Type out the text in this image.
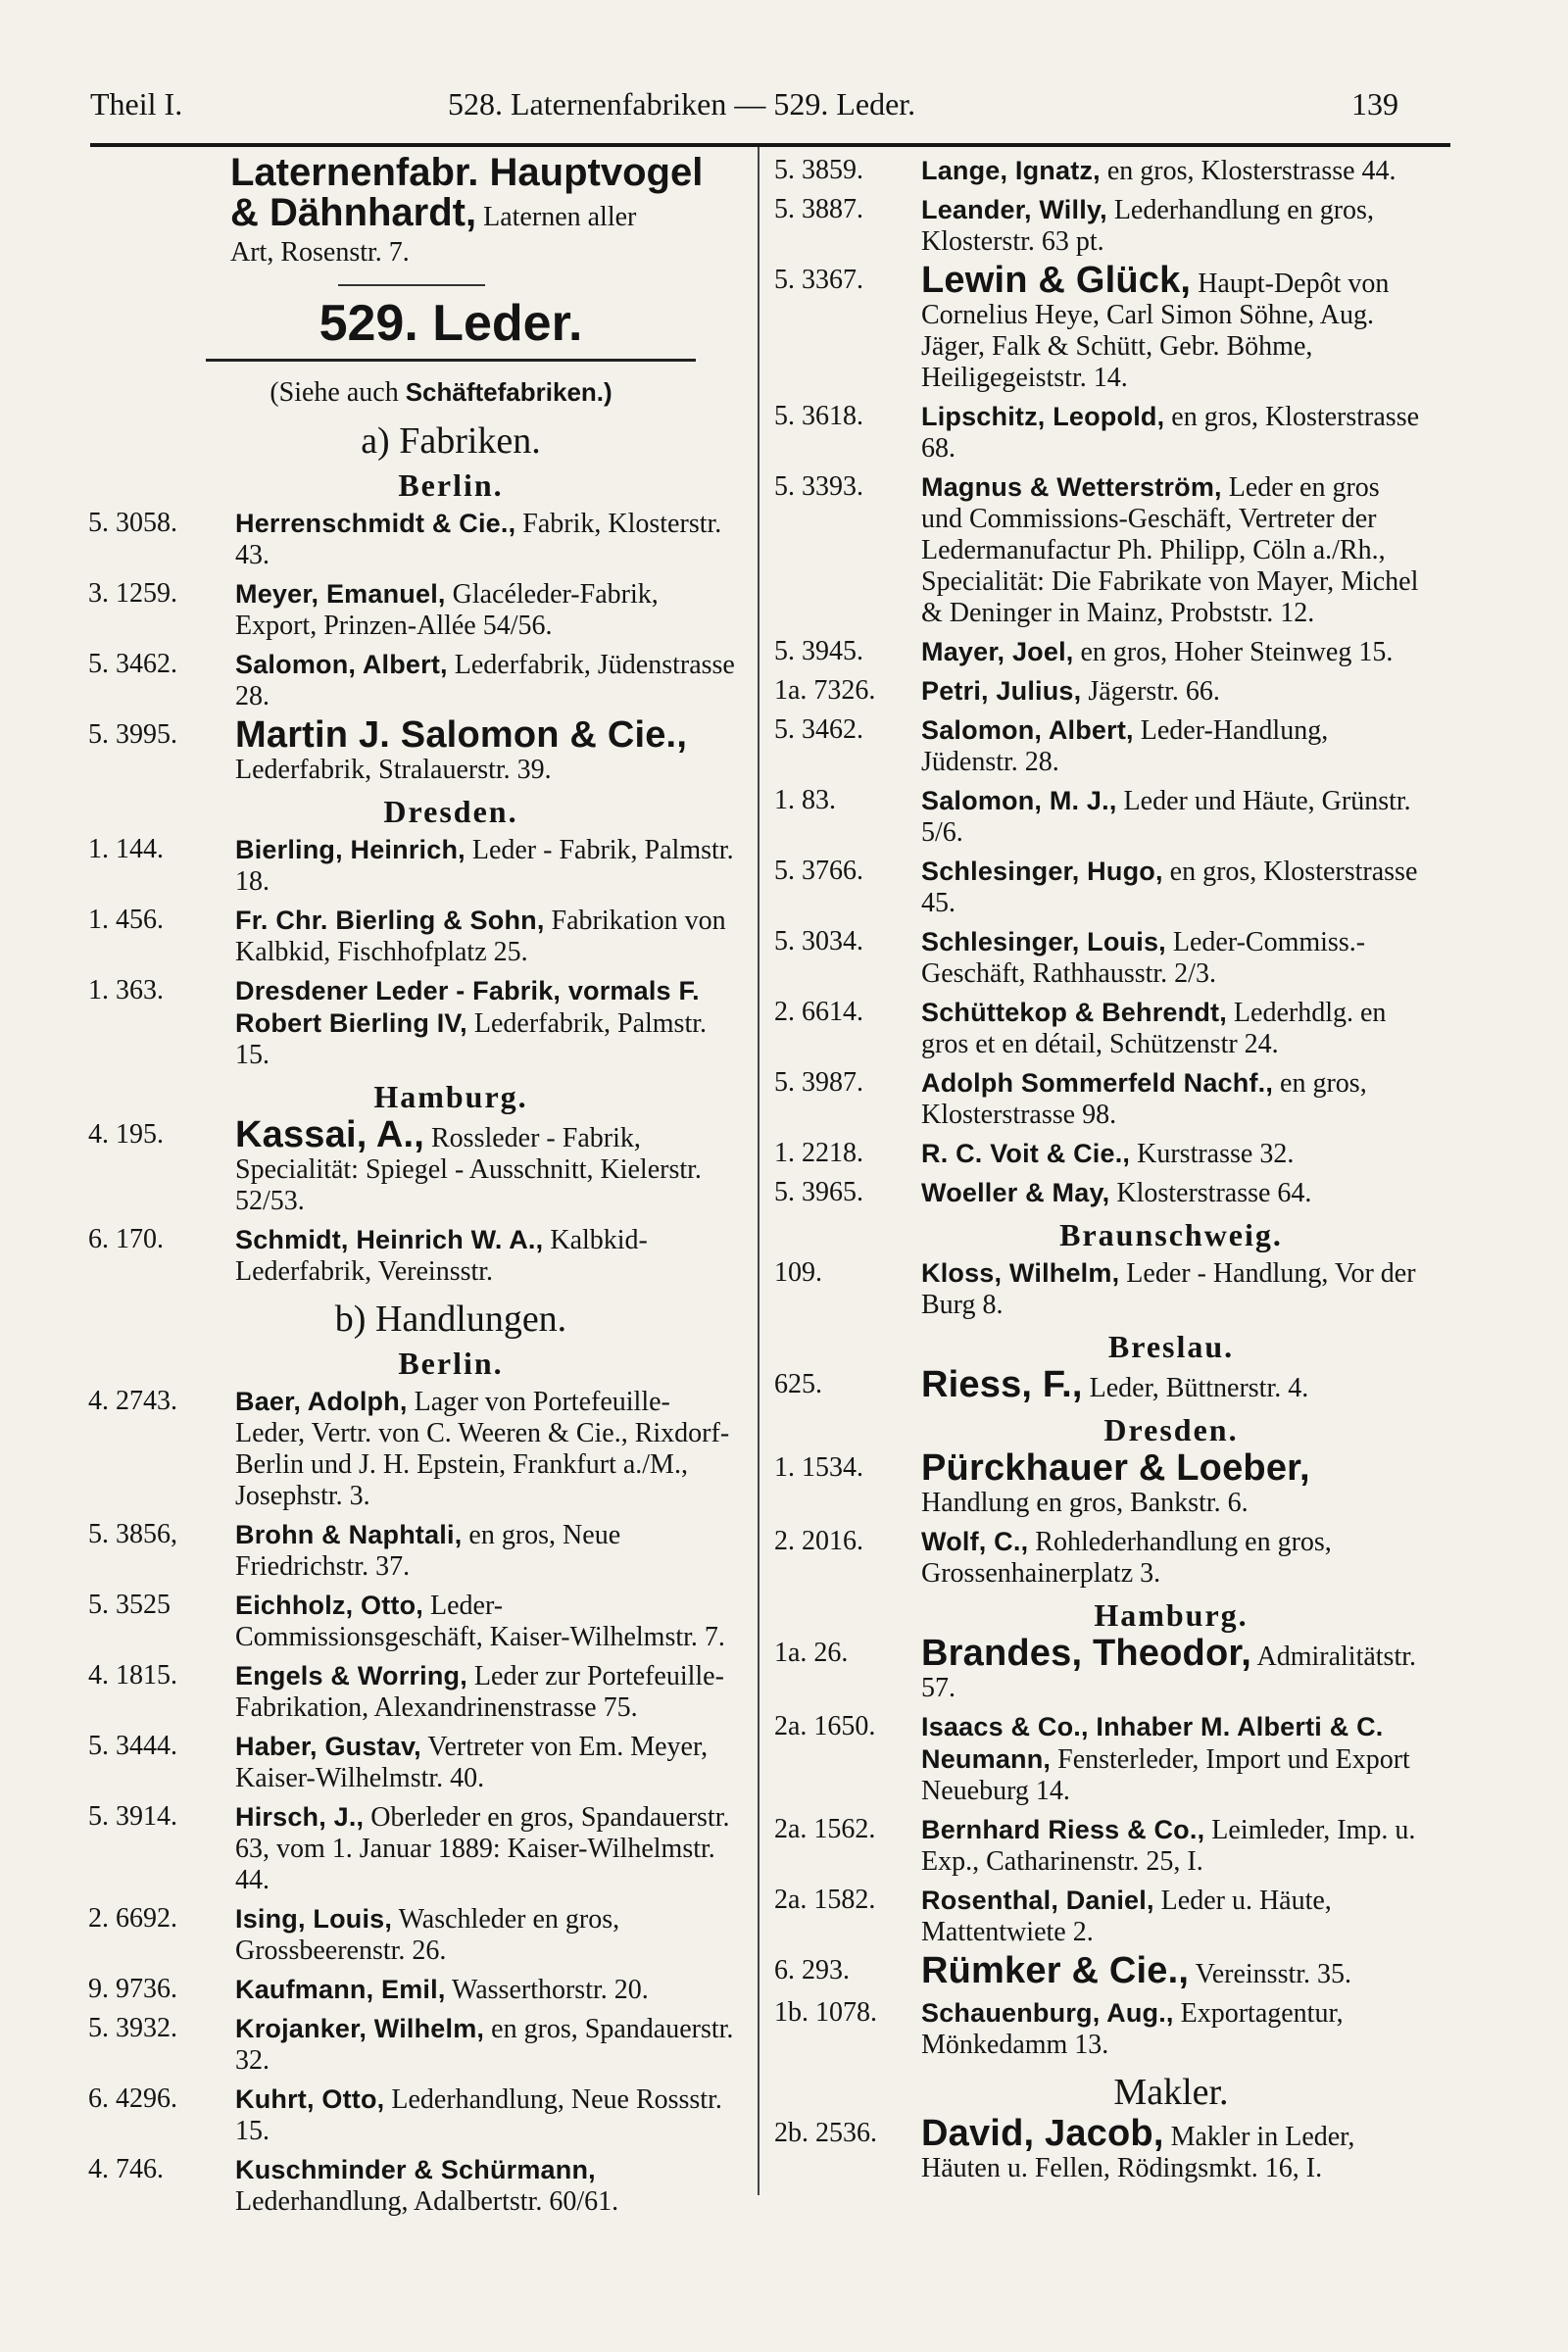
Theil I.	528. Laternenfabriken — 529. Leder.	139
Laternenfabr. Hauptvogel
& Dähnhardt, Laternen aller
Art, Rosenstr. 7.
529. Leder.
(Siehe auch Schäftefabriken.)
a) Fabriken.
Berlin.
5. 3058.	Herrenschmidt & Cie., Fabrik, Klosterstr. 43.
3. 1259.	Meyer, Emanuel, Glacéleder-Fabrik, Export, Prinzen-Allée 54/56.
5. 3462.	Salomon, Albert, Lederfabrik, Jüdenstrasse 28.
5. 3995.	Martin J. Salomon & Cie., Lederfabrik, Stralauerstr. 39.
Dresden.
1. 144.	Bierling, Heinrich, Leder - Fabrik, Palmstr. 18.
1. 456.	Fr. Chr. Bierling & Sohn, Fabrikation von Kalbkid, Fischhofplatz 25.
1. 363.	Dresdener Leder - Fabrik, vormals F. Robert Bierling IV, Lederfabrik, Palmstr. 15.
Hamburg.
4. 195.	Kassai, A., Rossleder - Fabrik, Specialität: Spiegel - Ausschnitt, Kielerstr. 52/53.
6. 170.	Schmidt, Heinrich W. A., Kalbkid-Lederfabrik, Vereinsstr.
b) Handlungen.
Berlin.
4. 2743.	Baer, Adolph, Lager von Portefeuille-Leder, Vertr. von C. Weeren & Cie., Rixdorf-Berlin und J. H. Epstein, Frankfurt a./M., Josephstr. 3.
5. 3856,	Brohn & Naphtali, en gros, Neue Friedrichstr. 37.
5. 3525	Eichholz, Otto, Leder-Commissionsgeschäft, Kaiser-Wilhelmstr. 7.
4. 1815.	Engels & Worring, Leder zur Portefeuille-Fabrikation, Alexandrinenstrasse 75.
5. 3444.	Haber, Gustav, Vertreter von Em. Meyer, Kaiser-Wilhelmstr. 40.
5. 3914.	Hirsch, J., Oberleder en gros, Spandauerstr. 63, vom 1. Januar 1889: Kaiser-Wilhelmstr. 44.
2. 6692.	Ising, Louis, Waschleder en gros, Grossbeerenstr. 26.
9. 9736.	Kaufmann, Emil, Wasserthorstr. 20.
5. 3932.	Krojanker, Wilhelm, en gros, Spandauerstr. 32.
6. 4296.	Kuhrt, Otto, Lederhandlung, Neue Rossstr. 15.
4. 746.	Kuschminder & Schürmann, Lederhandlung, Adalbertstr. 60/61.
5. 3859.	Lange, Ignatz, en gros, Klosterstrasse 44.
5. 3887.	Leander, Willy, Lederhandlung en gros, Klosterstr. 63 pt.
5. 3367.	Lewin & Glück, Haupt-Depôt von Cornelius Heye, Carl Simon Söhne, Aug. Jäger, Falk & Schütt, Gebr. Böhme, Heiligegeiststr. 14.
5. 3618.	Lipschitz, Leopold, en gros, Klosterstrasse 68.
5. 3393.	Magnus & Wetterström, Leder en gros und Commissions-Geschäft, Vertreter der Ledermanufactur Ph. Philipp, Cöln a./Rh., Specialität: Die Fabrikate von Mayer, Michel & Deninger in Mainz, Probststr. 12.
5. 3945.	Mayer, Joel, en gros, Hoher Steinweg 15.
1a. 7326.	Petri, Julius, Jägerstr. 66.
5. 3462.	Salomon, Albert, Leder-Handlung, Jüdenstr. 28.
1. 83.	Salomon, M. J., Leder und Häute, Grünstr. 5/6.
5. 3766.	Schlesinger, Hugo, en gros, Klosterstrasse 45.
5. 3034.	Schlesinger, Louis, Leder-Commiss.-Geschäft, Rathhausstr. 2/3.
2. 6614.	Schüttekop & Behrendt, Lederhdlg. en gros et en détail, Schützenstr 24.
5. 3987.	Adolph Sommerfeld Nachf., en gros, Klosterstrasse 98.
1. 2218.	R. C. Voit & Cie., Kurstrasse 32.
5. 3965.	Woeller & May, Klosterstrasse 64.
Braunschweig.
109.	Kloss, Wilhelm, Leder - Handlung, Vor der Burg 8.
Breslau.
625.	Riess, F., Leder, Büttnerstr. 4.
Dresden.
1. 1534.	Pürckhauer & Loeber, Handlung en gros, Bankstr. 6.
2. 2016.	Wolf, C., Rohlederhandlung en gros, Grossenhainerplatz 3.
Hamburg.
1a. 26.	Brandes, Theodor, Admiralitätstr. 57.
2a. 1650.	Isaacs & Co., Inhaber M. Alberti & C. Neumann, Fensterleder, Import und Export Neueburg 14.
2a. 1562.	Bernhard Riess & Co., Leimleder, Imp. u. Exp., Catharinenstr. 25, I.
2a. 1582.	Rosenthal, Daniel, Leder u. Häute, Mattentwiete 2.
6. 293.	Rümker & Cie., Vereinsstr. 35.
1b. 1078.	Schauenburg, Aug., Exportagentur, Mönkedamm 13.
Makler.
2b. 2536.	David, Jacob, Makler in Leder, Häuten u. Fellen, Rödingsmkt. 16, I.
